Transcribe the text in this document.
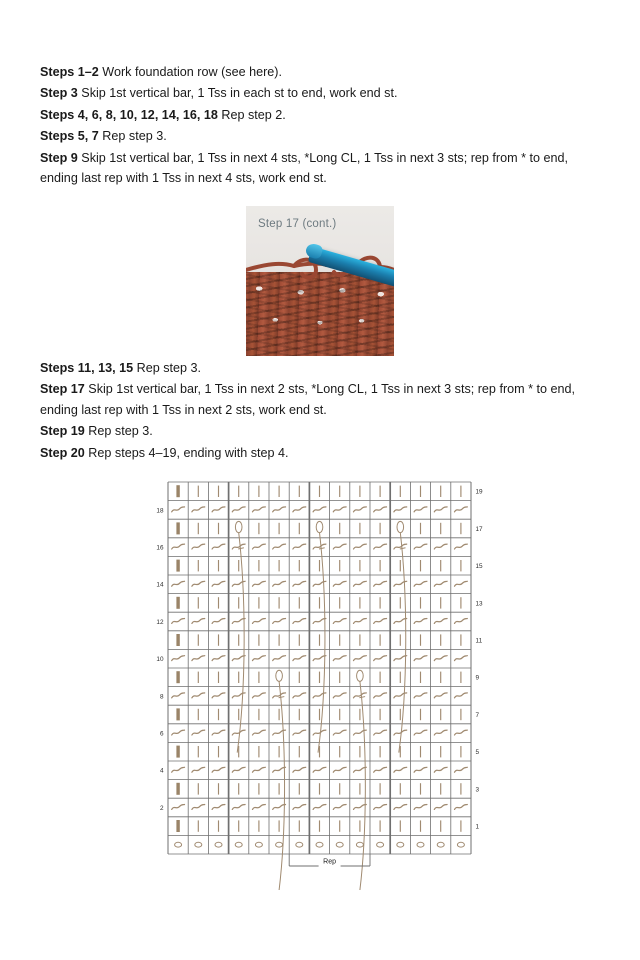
Steps 1–2 Work foundation row (see here).

Step 3 Skip 1st vertical bar, 1 Tss in each st to end, work end st.

Steps 4, 6, 8, 10, 12, 14, 16, 18 Rep step 2.

Steps 5, 7 Rep step 3.

Step 9 Skip 1st vertical bar, 1 Tss in next 4 sts, *Long CL, 1 Tss in next 3 sts; rep from * to end, ending last rep with 1 Tss in next 4 sts, work end st.

Step 17 (cont.)

Steps 11, 13, 15 Rep step 3.

Step 17 Skip 1st vertical bar, 1 Tss in next 2 sts, *Long CL, 1 Tss in next 3 sts; rep from * to end, ending last rep with 1 Tss in next 2 sts, work end st.

Step 19 Rep step 3.

Step 20 Rep steps 4–19, ending with step 4.

19
18
17
16
15
14
13
12
11
10
9
8
7
6
5
4
3
2
1
Rep
